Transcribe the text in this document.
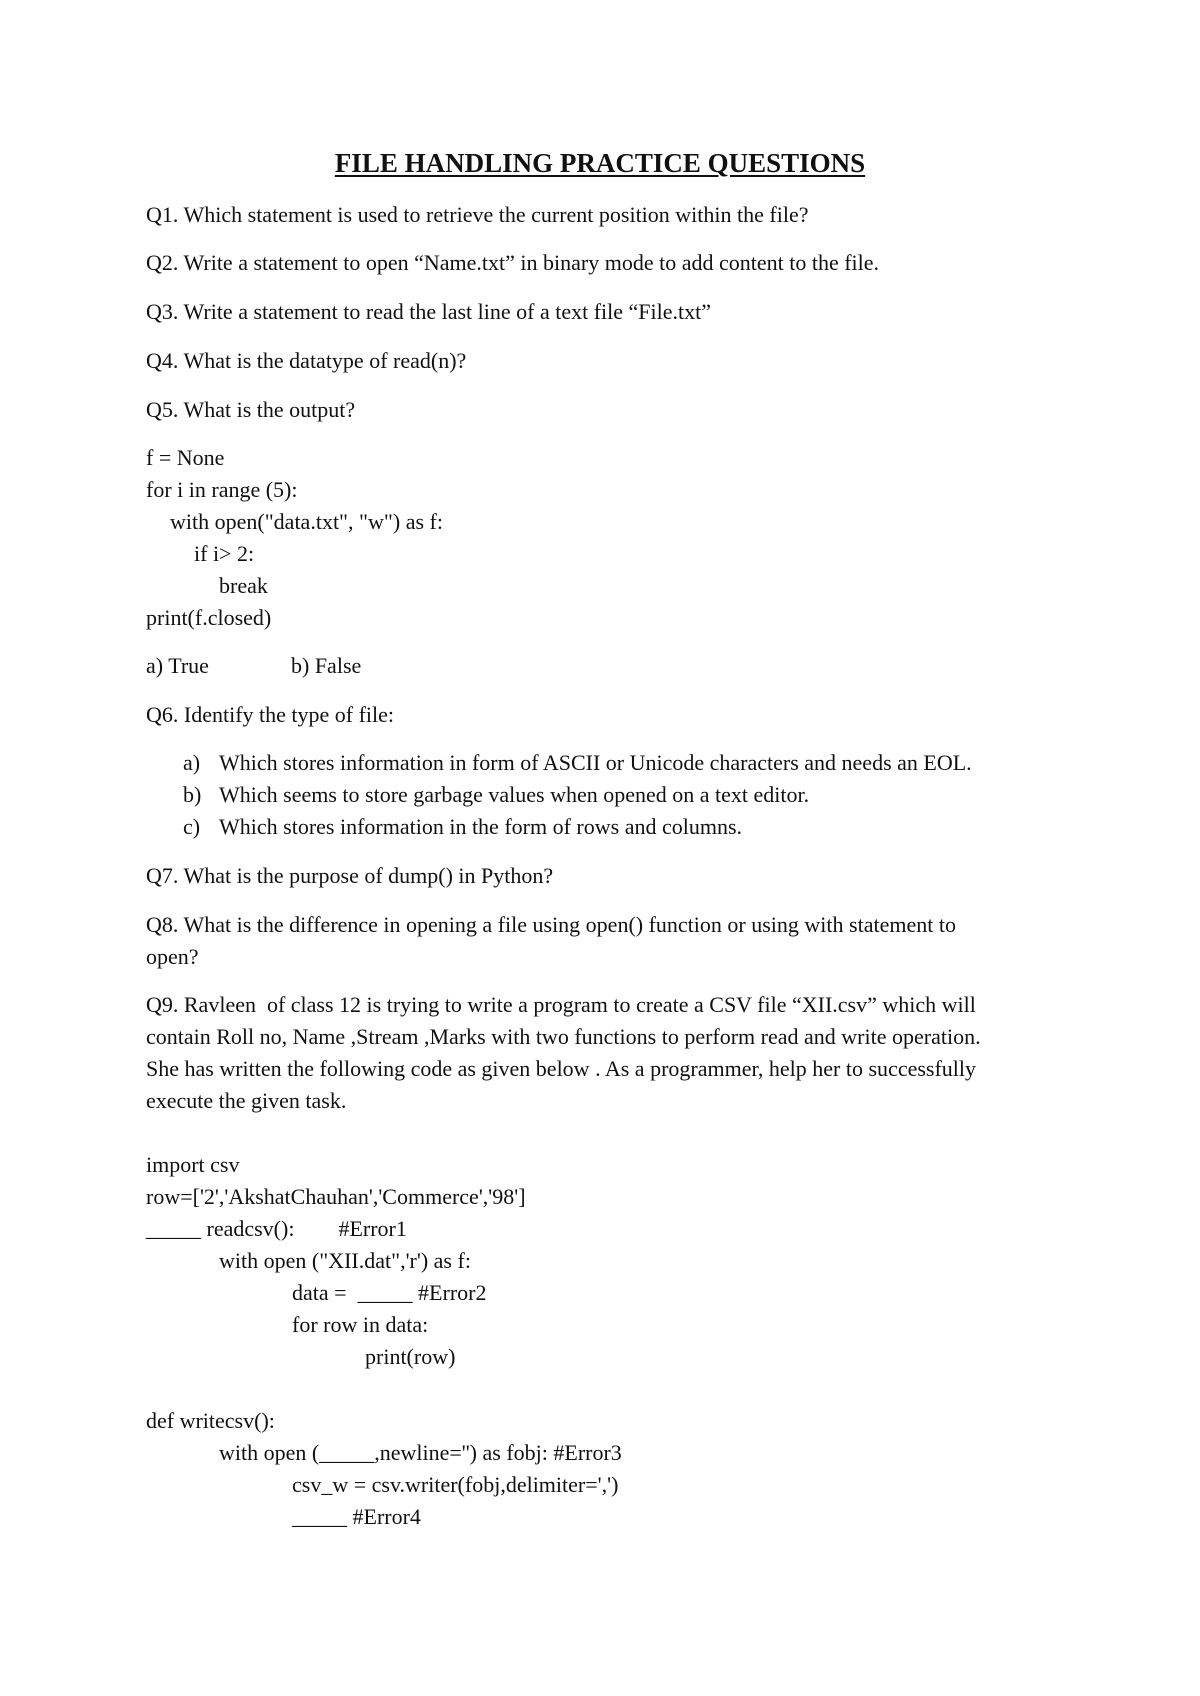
FILE HANDLING PRACTICE QUESTIONS
Q1. Which statement is used to retrieve the current position within the file?
Q2. Write a statement to open “Name.txt” in binary mode to add content to the file.
Q3. Write a statement to read the last line of a text file “File.txt”
Q4. What is the datatype of read(n)?
Q5. What is the output?
f = None
for i in range (5):
with open("data.txt", "w") as f:
if i> 2:
break
print(f.closed)
a) True	b) False
Q6. Identify the type of file:
a) Which stores information in form of ASCII or Unicode characters and needs an EOL.
b) Which seems to store garbage values when opened on a text editor.
c) Which stores information in the form of rows and columns.
Q7. What is the purpose of dump() in Python?
Q8. What is the difference in opening a file using open() function or using with statement to
open?
Q9. Ravleen  of class 12 is trying to write a program to create a CSV file “XII.csv” which will
contain Roll no, Name ,Stream ,Marks with two functions to perform read and write operation.
She has written the following code as given below . As a programmer, help her to successfully
execute the given task.
import csv
row=['2','AkshatChauhan','Commerce','98']
_____ readcsv():        #Error1
with open ("XII.dat",'r') as f:
data =  _____ #Error2
for row in data:
print(row)
def writecsv():
with open (_____,newline='') as fobj: #Error3
csv_w = csv.writer(fobj,delimiter=',')
_____ #Error4
